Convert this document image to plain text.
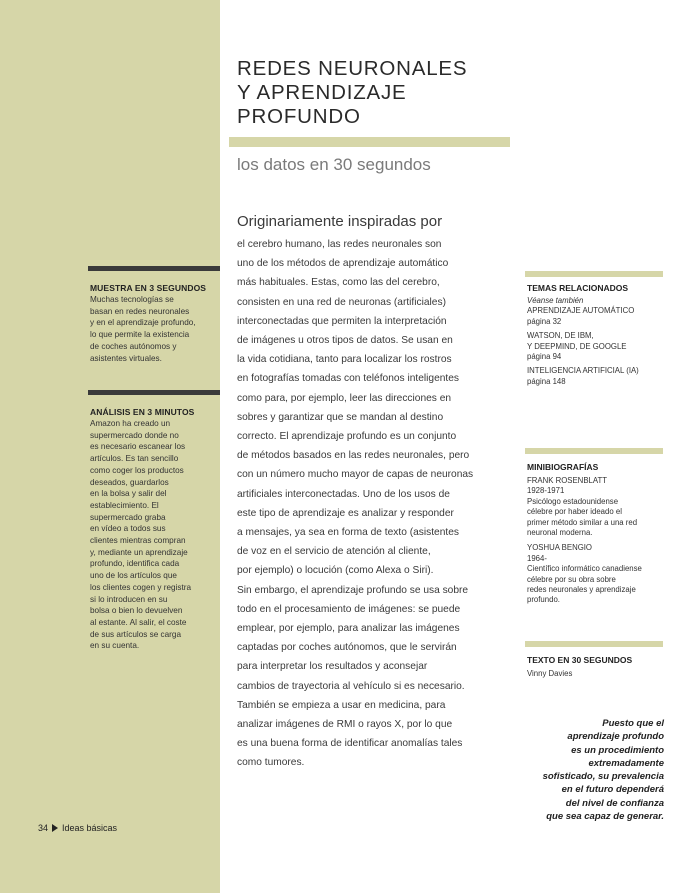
MUESTRA EN 3 SEGUNDOS
Muchas tecnologías se
basan en redes neuronales
y en el aprendizaje profundo,
lo que permite la existencia
de coches autónomos y
asistentes virtuales.
ANÁLISIS EN 3 MINUTOS
Amazon ha creado un
supermercado donde no
es necesario escanear los
artículos. Es tan sencillo
como coger los productos
deseados, guardarlos
en la bolsa y salir del
establecimiento. El
supermercado graba
en vídeo a todos sus
clientes mientras compran
y, mediante un aprendizaje
profundo, identifica cada
uno de los artículos que
los clientes cogen y registra
si lo introducen en su
bolsa o bien lo devuelven
al estante. Al salir, el coste
de sus artículos se carga
en su cuenta.
34 Ideas básicas
REDES NEURONALES
Y APRENDIZAJE
PROFUNDO
los datos en 30 segundos
Originariamente inspiradas por
el cerebro humano, las redes neuronales son
uno de los métodos de aprendizaje automático
más habituales. Estas, como las del cerebro,
consisten en una red de neuronas (artificiales)
interconectadas que permiten la interpretación
de imágenes u otros tipos de datos. Se usan en
la vida cotidiana, tanto para localizar los rostros
en fotografías tomadas con teléfonos inteligentes
como para, por ejemplo, leer las direcciones en
sobres y garantizar que se mandan al destino
correcto. El aprendizaje profundo es un conjunto
de métodos basados en las redes neuronales, pero
con un número mucho mayor de capas de neuronas
artificiales interconectadas. Uno de los usos de
este tipo de aprendizaje es analizar y responder
a mensajes, ya sea en forma de texto (asistentes
de voz en el servicio de atención al cliente,
por ejemplo) o locución (como Alexa o Siri).
Sin embargo, el aprendizaje profundo se usa sobre
todo en el procesamiento de imágenes: se puede
emplear, por ejemplo, para analizar las imágenes
captadas por coches autónomos, que le servirán
para interpretar los resultados y aconsejar
cambios de trayectoria al vehículo si es necesario.
También se empieza a usar en medicina, para
analizar imágenes de RMI o rayos X, por lo que
es una buena forma de identificar anomalías tales
como tumores.
TEMAS RELACIONADOS
Véanse también
APRENDIZAJE AUTOMÁTICO
página 32
WATSON, DE IBM,
Y DEEPMIND, DE GOOGLE
página 94
INTELIGENCIA ARTIFICIAL (IA)
página 148
MINIBIOGRAFÍAS
FRANK ROSENBLATT
1928-1971
Psicólogo estadounidense
célebre por haber ideado el
primer método similar a una red
neuronal moderna.
YOSHUA BENGIO
1964-
Científico informático canadiense
célebre por su obra sobre
redes neuronales y aprendizaje
profundo.
TEXTO EN 30 SEGUNDOS
Vinny Davies
Puesto que el
aprendizaje profundo
es un procedimiento
extremadamente
sofisticado, su prevalencia
en el futuro dependerá
del nivel de confianza
que sea capaz de generar.
